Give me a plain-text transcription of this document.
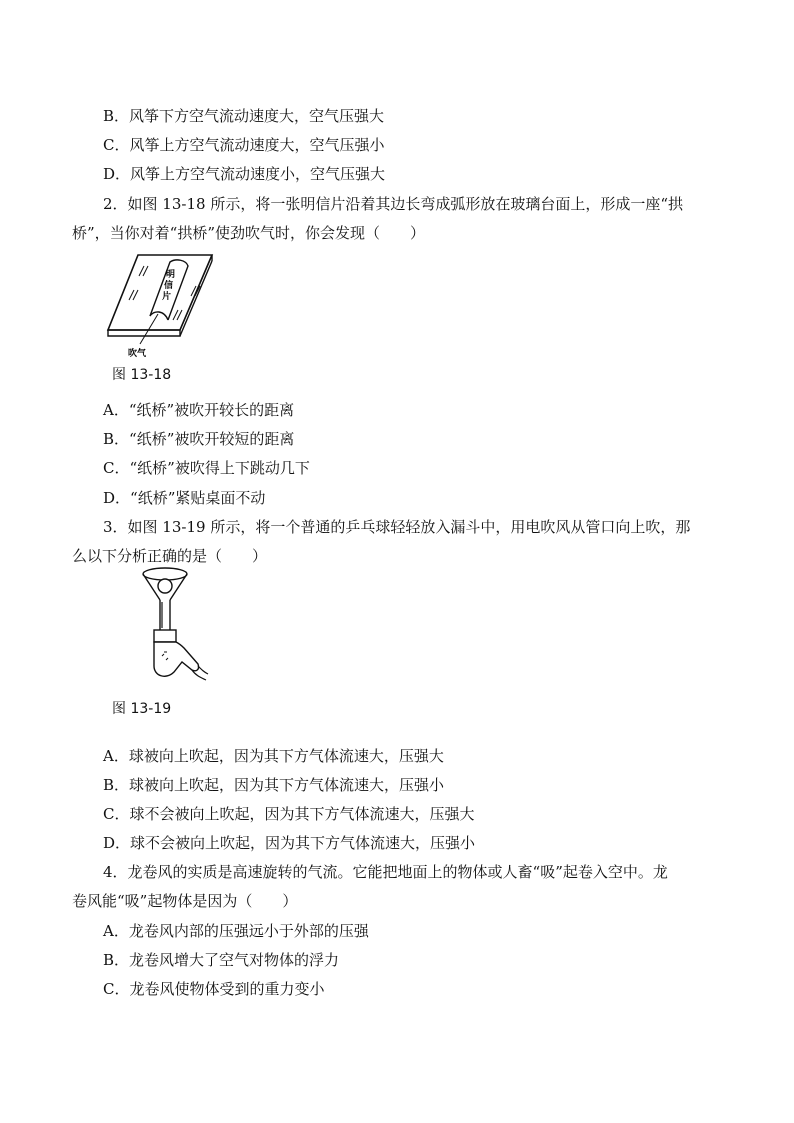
B．风筝下方空气流动速度大，空气压强大
C．风筝上方空气流动速度大，空气压强小
D．风筝上方空气流动速度小，空气压强大
2．如图 13-18 所示，将一张明信片沿着其边长弯成弧形放在玻璃台面上，形成一座“拱
桥”，当你对着“拱桥”使劲吹气时，你会发现（　　）
明
信
片
吹气
图 13-18
A．“纸桥”被吹开较长的距离
B．“纸桥”被吹开较短的距离
C．“纸桥”被吹得上下跳动几下
D．“纸桥”紧贴桌面不动
3．如图 13-19 所示，将一个普通的乒乓球轻轻放入漏斗中，用电吹风从管口向上吹，那
么以下分析正确的是（　　）
图 13-19
A．球被向上吹起，因为其下方气体流速大，压强大
B．球被向上吹起，因为其下方气体流速大，压强小
C．球不会被向上吹起，因为其下方气体流速大，压强大
D．球不会被向上吹起，因为其下方气体流速大，压强小
4．龙卷风的实质是高速旋转的气流。它能把地面上的物体或人畜“吸”起卷入空中。龙
卷风能“吸”起物体是因为（　　）
A．龙卷风内部的压强远小于外部的压强
B．龙卷风增大了空气对物体的浮力
C．龙卷风使物体受到的重力变小
